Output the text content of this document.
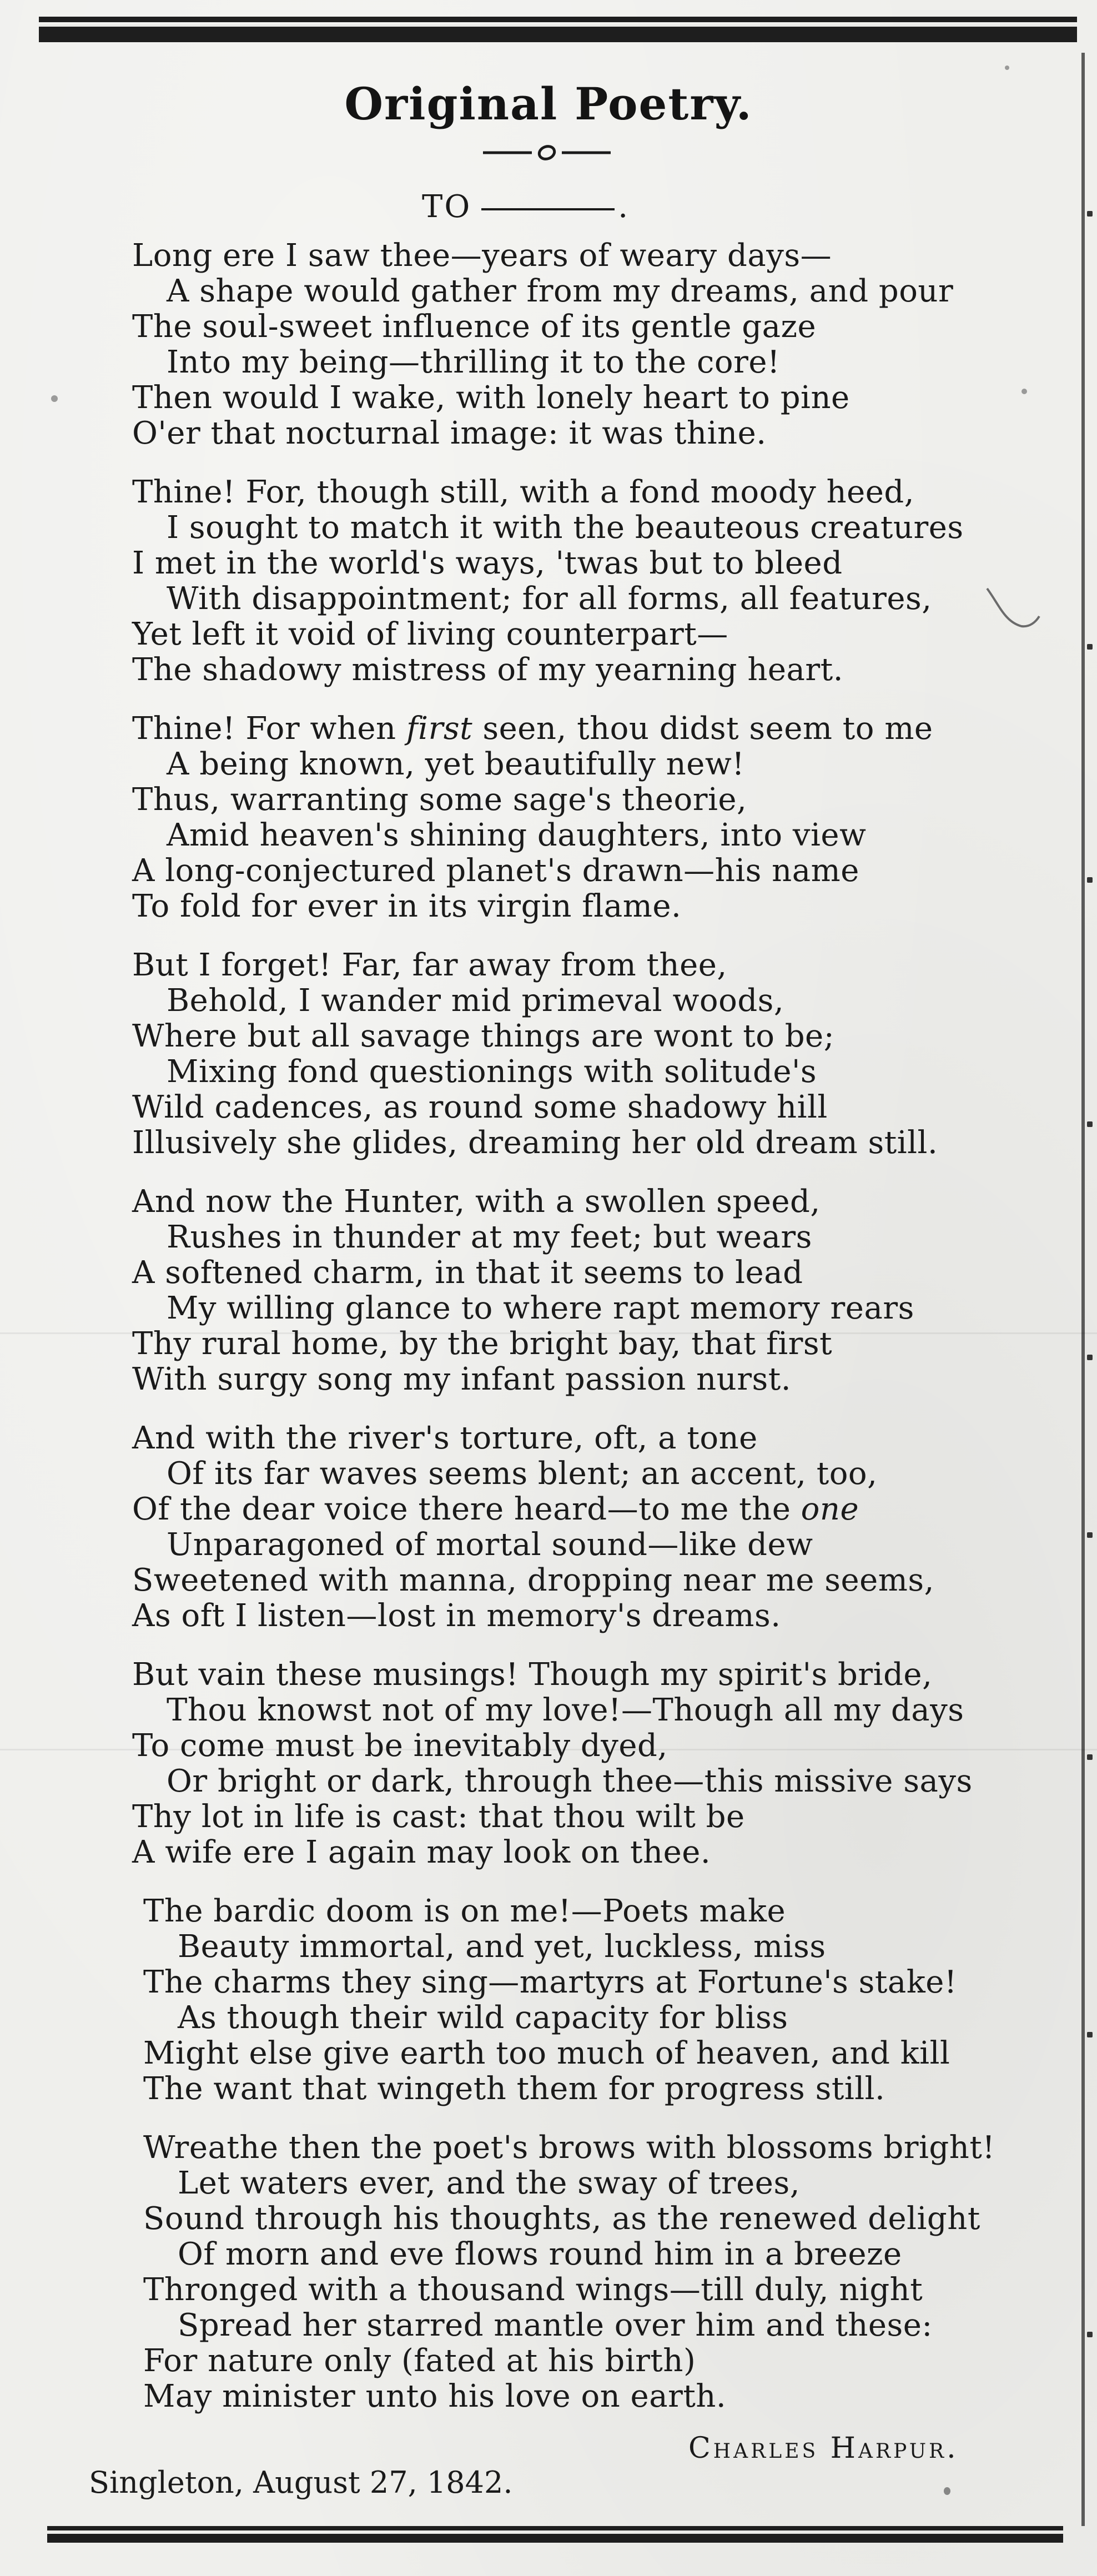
Original Poetry.
TO	.
Long ere I saw thee—years of weary days—
A shape would gather from my dreams, and pour
The soul-sweet influence of its gentle gaze
Into my being—thrilling it to the core!
Then would I wake, with lonely heart to pine
O'er that nocturnal image: it was thine.
Thine! For, though still, with a fond moody heed,
I sought to match it with the beauteous creatures
I met in the world's ways, 'twas but to bleed
With disappointment; for all forms, all features,
Yet left it void of living counterpart—
The shadowy mistress of my yearning heart.
Thine! For when first seen, thou didst seem to me
A being known, yet beautifully new!
Thus, warranting some sage's theorie,
Amid heaven's shining daughters, into view
A long-conjectured planet's drawn—his name
To fold for ever in its virgin flame.
But I forget! Far, far away from thee,
Behold, I wander mid primeval woods,
Where but all savage things are wont to be;
Mixing fond questionings with solitude's
Wild cadences, as round some shadowy hill
Illusively she glides, dreaming her old dream still.
And now the Hunter, with a swollen speed,
Rushes in thunder at my feet; but wears
A softened charm, in that it seems to lead
My willing glance to where rapt memory rears
Thy rural home, by the bright bay, that first
With surgy song my infant passion nurst.
And with the river's torture, oft, a tone
Of its far waves seems blent; an accent, too,
Of the dear voice there heard—to me the one
Unparagoned of mortal sound—like dew
Sweetened with manna, dropping near me seems,
As oft I listen—lost in memory's dreams.
But vain these musings! Though my spirit's bride,
Thou knowst not of my love!—Though all my days
To come must be inevitably dyed,
Or bright or dark, through thee—this missive says
Thy lot in life is cast: that thou wilt be
A wife ere I again may look on thee.
The bardic doom is on me!—Poets make
Beauty immortal, and yet, luckless, miss
The charms they sing—martyrs at Fortune's stake!
As though their wild capacity for bliss
Might else give earth too much of heaven, and kill
The want that wingeth them for progress still.
Wreathe then the poet's brows with blossoms bright!
Let waters ever, and the sway of trees,
Sound through his thoughts, as the renewed delight
Of morn and eve flows round him in a breeze
Thronged with a thousand wings—till duly, night
Spread her starred mantle over him and these:
For nature only (fated at his birth)
May minister unto his love on earth.
Charles Harpur.
Singleton, August 27, 1842.
